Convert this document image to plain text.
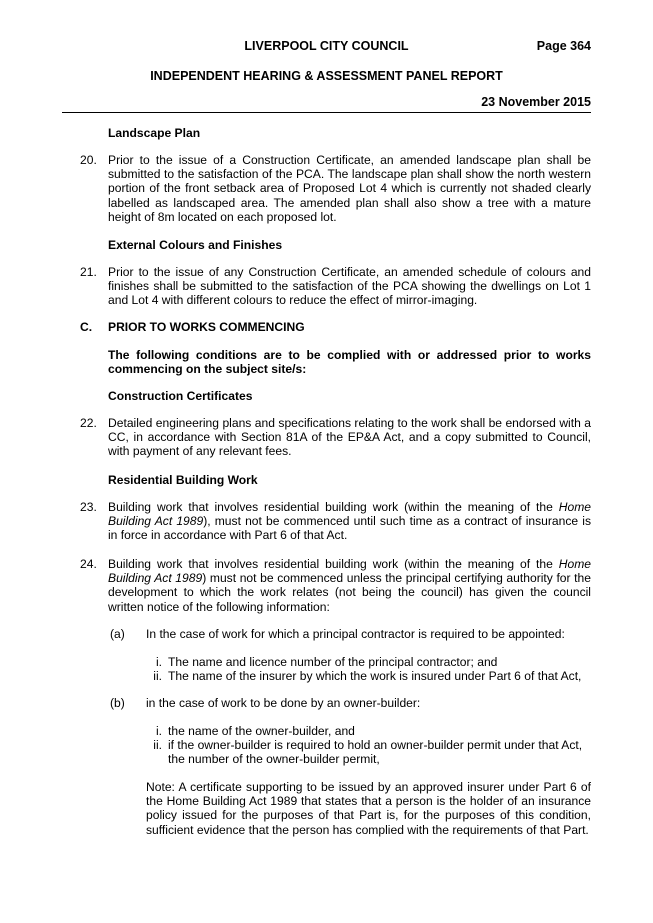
LIVERPOOL CITY COUNCIL	Page 364
INDEPENDENT HEARING & ASSESSMENT PANEL REPORT
23 November 2015
Landscape Plan
20. Prior to the issue of a Construction Certificate, an amended landscape plan shall be submitted to the satisfaction of the PCA. The landscape plan shall show the north western portion of the front setback area of Proposed Lot 4 which is currently not shaded clearly labelled as landscaped area. The amended plan shall also show a tree with a mature height of 8m located on each proposed lot.
External Colours and Finishes
21. Prior to the issue of any Construction Certificate, an amended schedule of colours and finishes shall be submitted to the satisfaction of the PCA showing the dwellings on Lot 1 and Lot 4 with different colours to reduce the effect of mirror-imaging.
C. PRIOR TO WORKS COMMENCING
The following conditions are to be complied with or addressed prior to works commencing on the subject site/s:
Construction Certificates
22. Detailed engineering plans and specifications relating to the work shall be endorsed with a CC, in accordance with Section 81A of the EP&A Act, and a copy submitted to Council, with payment of any relevant fees.
Residential Building Work
23. Building work that involves residential building work (within the meaning of the Home Building Act 1989), must not be commenced until such time as a contract of insurance is in force in accordance with Part 6 of that Act.
24. Building work that involves residential building work (within the meaning of the Home Building Act 1989) must not be commenced unless the principal certifying authority for the development to which the work relates (not being the council) has given the council written notice of the following information:
(a) In the case of work for which a principal contractor is required to be appointed:
i. The name and licence number of the principal contractor; and
ii. The name of the insurer by which the work is insured under Part 6 of that Act,
(b) in the case of work to be done by an owner-builder:
i. the name of the owner-builder, and
ii. if the owner-builder is required to hold an owner-builder permit under that Act, the number of the owner-builder permit,
Note: A certificate supporting to be issued by an approved insurer under Part 6 of the Home Building Act 1989 that states that a person is the holder of an insurance policy issued for the purposes of that Part is, for the purposes of this condition, sufficient evidence that the person has complied with the requirements of that Part.
